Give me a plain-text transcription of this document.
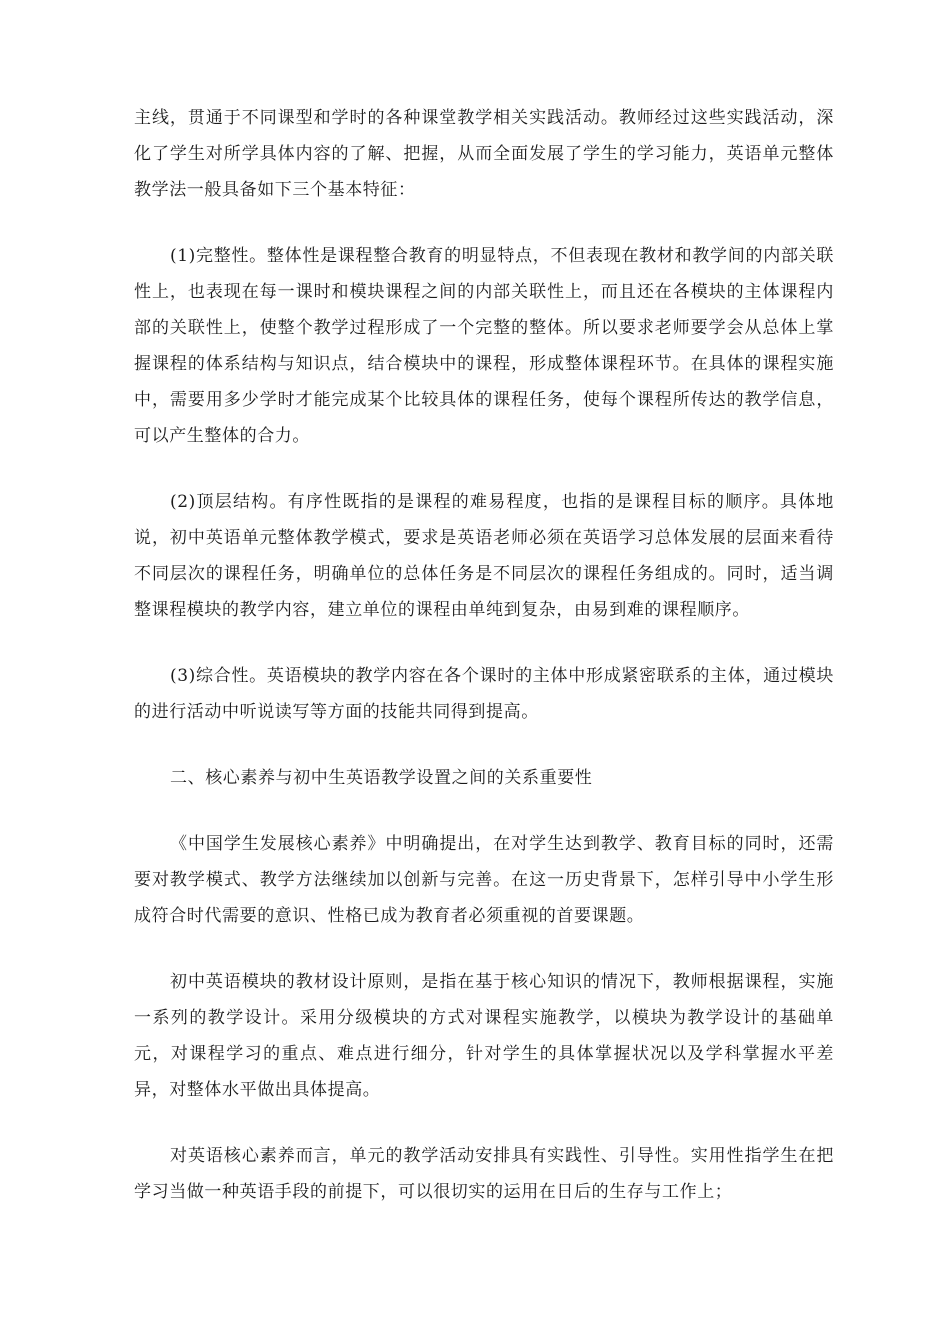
主线，贯通于不同课型和学时的各种课堂教学相关实践活动。教师经过这些实践活动，深化了学生对所学具体内容的了解、把握，从而全面发展了学生的学习能力，英语单元整体教学法一般具备如下三个基本特征：

(1)完整性。整体性是课程整合教育的明显特点，不但表现在教材和教学间的内部关联性上，也表现在每一课时和模块课程之间的内部关联性上，而且还在各模块的主体课程内部的关联性上，使整个教学过程形成了一个完整的整体。所以要求老师要学会从总体上掌握课程的体系结构与知识点，结合模块中的课程，形成整体课程环节。在具体的课程实施中，需要用多少学时才能完成某个比较具体的课程任务，使每个课程所传达的教学信息，可以产生整体的合力。

(2)顶层结构。有序性既指的是课程的难易程度，也指的是课程目标的顺序。具体地说，初中英语单元整体教学模式，要求是英语老师必须在英语学习总体发展的层面来看待不同层次的课程任务，明确单位的总体任务是不同层次的课程任务组成的。同时，适当调整课程模块的教学内容，建立单位的课程由单纯到复杂，由易到难的课程顺序。

(3)综合性。英语模块的教学内容在各个课时的主体中形成紧密联系的主体，通过模块的进行活动中听说读写等方面的技能共同得到提高。

二、核心素养与初中生英语教学设置之间的关系重要性

《中国学生发展核心素养》中明确提出，在对学生达到教学、教育目标的同时，还需要对教学模式、教学方法继续加以创新与完善。在这一历史背景下，怎样引导中小学生形成符合时代需要的意识、性格已成为教育者必须重视的首要课题。

初中英语模块的教材设计原则，是指在基于核心知识的情况下，教师根据课程，实施一系列的教学设计。采用分级模块的方式对课程实施教学，以模块为教学设计的基础单元，对课程学习的重点、难点进行细分，针对学生的具体掌握状况以及学科掌握水平差异，对整体水平做出具体提高。

对英语核心素养而言，单元的教学活动安排具有实践性、引导性。实用性指学生在把学习当做一种英语手段的前提下，可以很切实的运用在日后的生存与工作上；
